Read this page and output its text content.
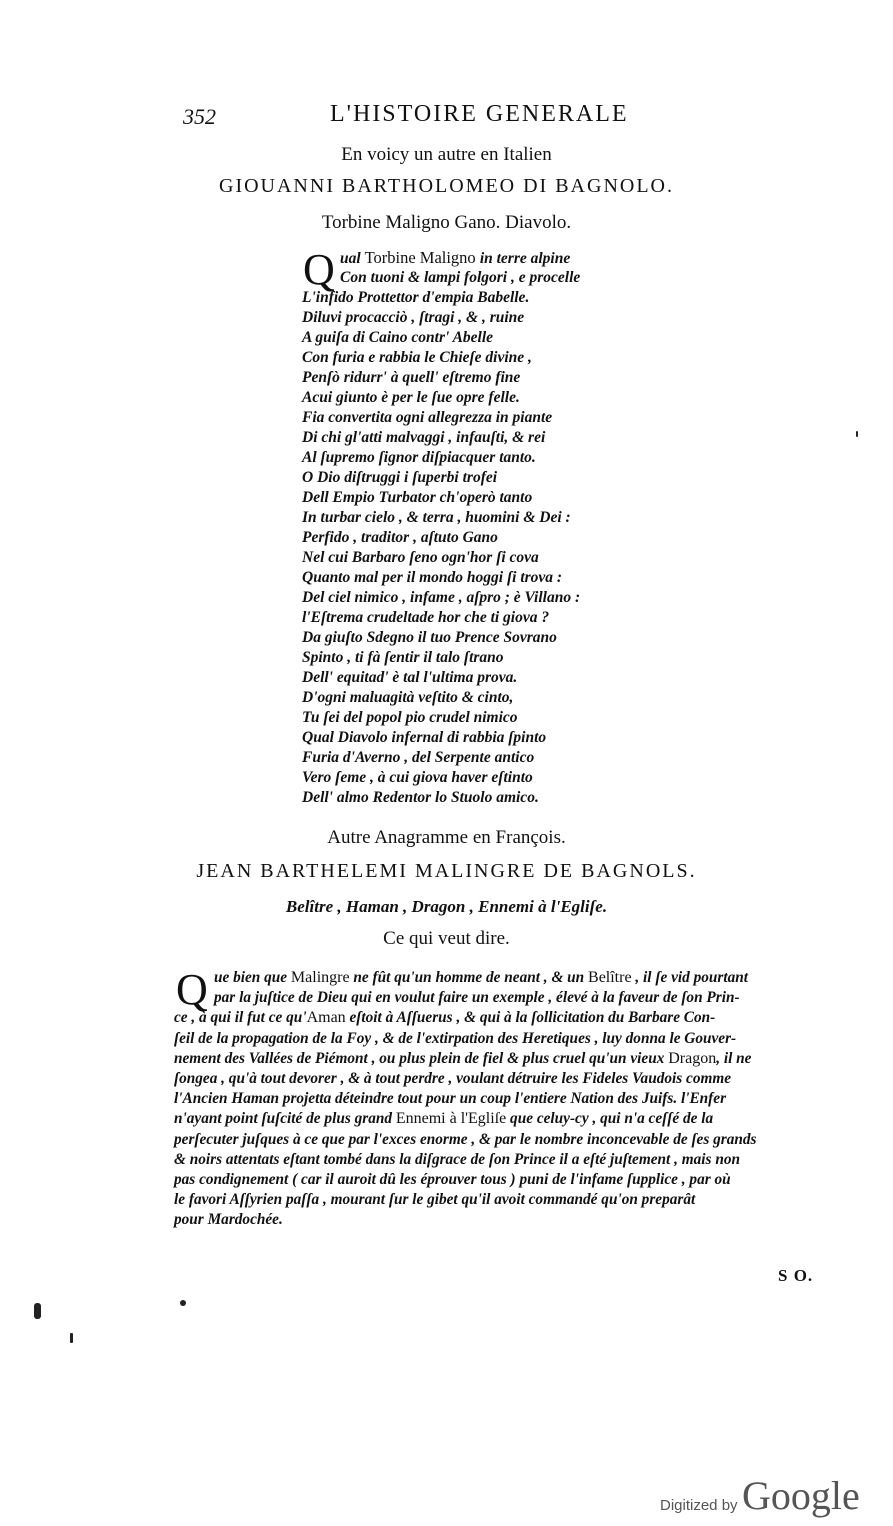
352	L'HISTOIRE GENERALE
En voicy un autre en Italien
GIOUANNI BARTHOLOMEO DI BAGNOLO.
Torbine Maligno Gano. Diavolo.
Q ual Torbine Maligno in terre alpine
Con tuoni & lampi folgori , e procelle
L'infido Prottettor d'empia Babelle.
Diluvi procacciò , ſtragi , & , ruine
A guiſa di Caino contr' Abelle
Con furia e rabbia le Chieſe divine ,
Penſò ridurr' à quell' eſtremo fine
Acui giunto è per le ſue opre felle.
Fia convertita ogni allegrezza in piante
Di chi gl'atti malvaggi , infauſti, & rei
Al ſupremo ſignor diſpiacquer tanto.
O Dio diſtruggi i ſuperbi trofei
Dell Empio Turbator ch'operò tanto
In turbar cielo , & terra , huomini & Dei :
Perfido , traditor , aſtuto Gano
Nel cui Barbaro ſeno ogn'hor ſi cova
Quanto mal per il mondo hoggi ſi trova :
Del ciel nimico , infame , aſpro ; è Villano :
l'Eſtrema crudeltade hor che ti giova ?
Da giuſto Sdegno il tuo Prence Sovrano
Spinto , ti fà ſentir il talo ſtrano
Dell' equitad' è tal l'ultima prova.
D'ogni maluagità veſtito & cinto,
Tu ſei del popol pio crudel nimico
Qual Diavolo infernal di rabbia ſpinto
Furia d'Averno , del Serpente antico
Vero ſeme , à cui giova haver eſtinto
Dell' almo Redentor lo Stuolo amico.
Autre Anagramme en François.
JEAN BARTHELEMI MALINGRE DE BAGNOLS.
Belître , Haman , Dragon , Ennemi à l'Egliſe.
Ce qui veut dire.
Q ue bien que Malingre ne fût qu'un homme de neant , & un Belître , il ſe vid pourtant
par la juſtice de Dieu qui en voulut faire un exemple , élevé à la faveur de ſon Prin-
ce , à qui il fut ce qu'Aman eſtoit à Aſſuerus , & qui à la ſollicitation du Barbare Con-
ſeil de la propagation de la Foy , & de l'extirpation des Heretiques , luy donna le Gouver-
nement des Vallées de Piémont , ou plus plein de fiel & plus cruel qu'un vieux Dragon, il ne
ſongea , qu'à tout devorer , & à tout perdre , voulant détruire les Fideles Vaudois comme
l'Ancien Haman projetta déteindre tout pour un coup l'entiere Nation des Juifs. l'Enfer
n'ayant point ſuſcité de plus grand Ennemi à l'Egliſe que celuy-cy , qui n'a ceſſé de la
perſecuter juſques à ce que par l'exces enorme , & par le nombre inconcevable de ſes grands
& noirs attentats eſtant tombé dans la diſgrace de ſon Prince il a eſté juſtement , mais non
pas condignement ( car il auroit dû les éprouver tous ) puni de l'infame ſupplice , par où
le favori Aſſyrien paſſa , mourant ſur le gibet qu'il avoit commandé qu'on preparât
pour Mardochée.
S O.
Digitized by Google
